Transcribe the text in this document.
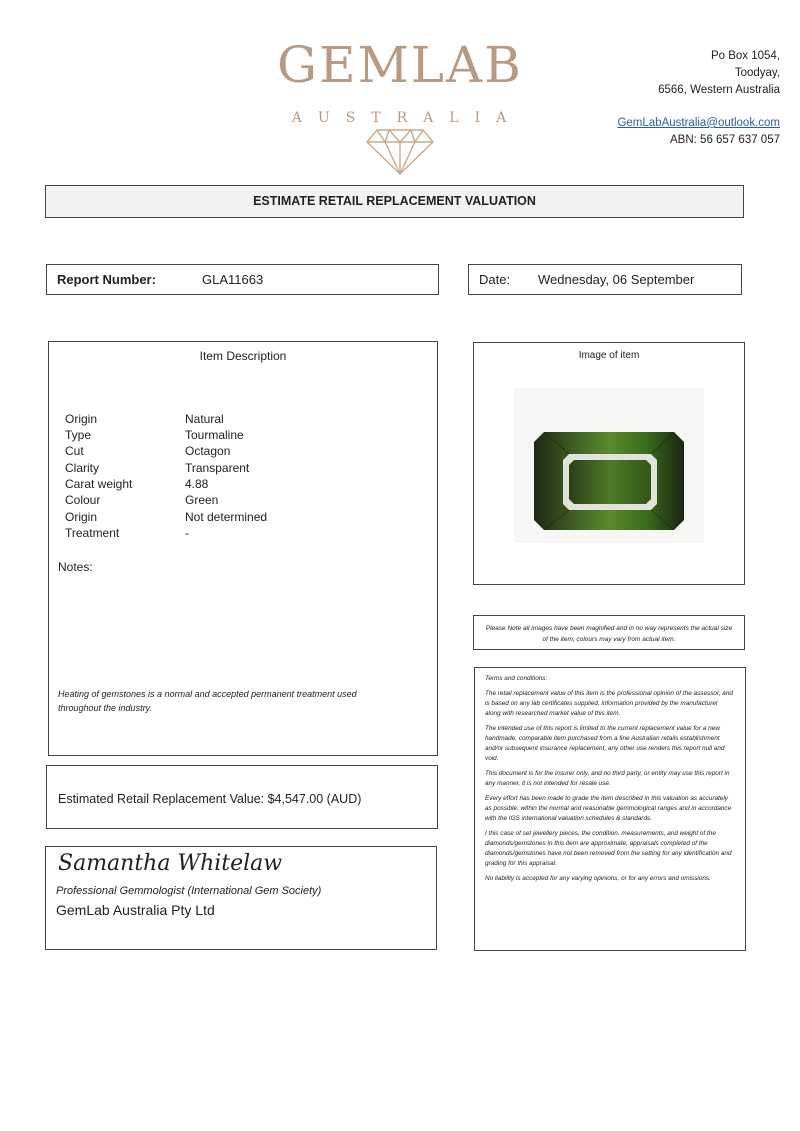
GEMLAB
AUSTRALIA
Po Box 1054,
Toodyay,
6566, Western Australia
GemLabAustralia@outlook.com
ABN: 56 657 637 057
ESTIMATE RETAIL REPLACEMENT VALUATION
Report Number:	GLA11663	Date: Wednesday, 06 September
Item Description
Origin	Natural
Type	Tourmaline
Cut	Octagon
Clarity	Transparent
Carat weight	4.88
Colour	Green
Origin	Not determined
Treatment	-
Notes:
Heating of gemstones is a normal and accepted permanent treatment used throughout the industry.
Image of item
Please Note all images have been magnified and in no way represents the actual size of the item, colours may vary from actual item.
Estimated Retail Replacement Value: $4,547.00 (AUD)
Samantha Whitelaw
Professional Gemmologist (International Gem Society)
GemLab Australia Pty Ltd

Terms and conditions:

The retail replacement value of this item is the professional opinion of the assessor, and is based on any lab certificates supplied, information provided by the manufacturer along with researched market value of this item.

The intended use of this report is limited to the current replacement value for a new handmade, comparable item purchased from a fine Australian retails establishment and/or subsequent insurance replacement, any other use renders this report null and void.

This document is for the insurer only, and no third party, or entity may use this report in any manner, it is not intended for resale use.

Every effort has been made to grade the item described in this valuation as accurately as possible, within the normal and reasonable gemmological ranges and in accordance with the IGS international valuation schedules & standards.

I this case of set jewellery pieces, the condition, measurements, and weight of the diamonds/gemstones in this item are approximate, appraisals completed of the diamonds/gemstones have not been removed from the setting for any identification and grading for this appraisal.

No liability is accepted for any varying opinions, or for any errors and omissions.
